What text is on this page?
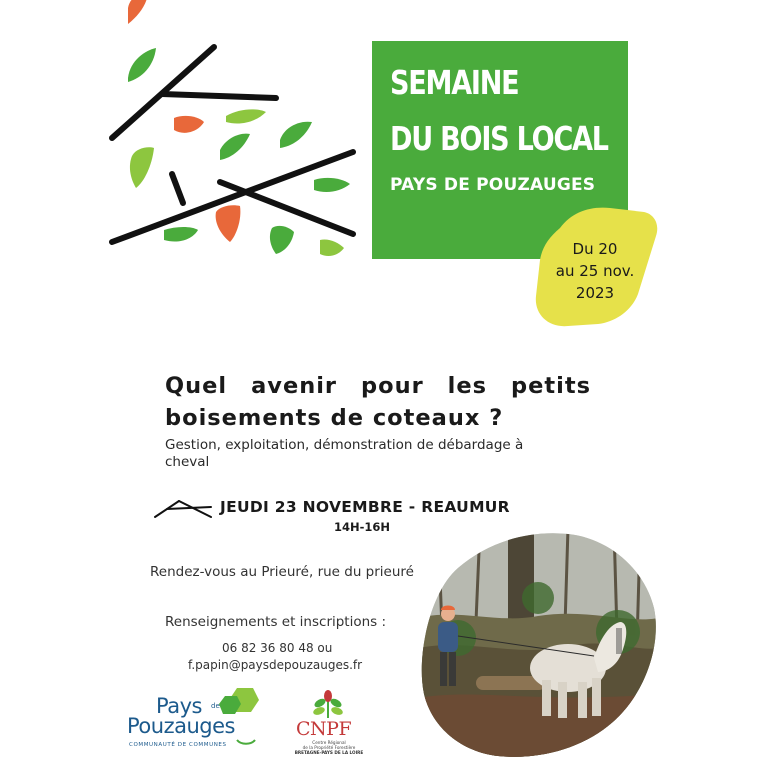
SEMAINE
DU BOIS LOCAL
PAYS DE POUZAUGES
Du 20
au 25 nov.
2023
Quel avenir pour les petits
boisements de coteaux ?
Gestion, exploitation, démonstration de débardage à cheval
JEUDI 23 NOVEMBRE - REAUMUR
14H-16H
Rendez-vous au Prieuré, rue du prieuré
Renseignements et inscriptions :
06 82 36 80 48 ou
f.papin@paysdepouzauges.fr
Pays de
Pouzauges
COMMUNAUTÉ DE COMMUNES
CNPF
Centre Régional
de la Propriété Forestière
BRETAGNE-PAYS DE LA LOIRE
